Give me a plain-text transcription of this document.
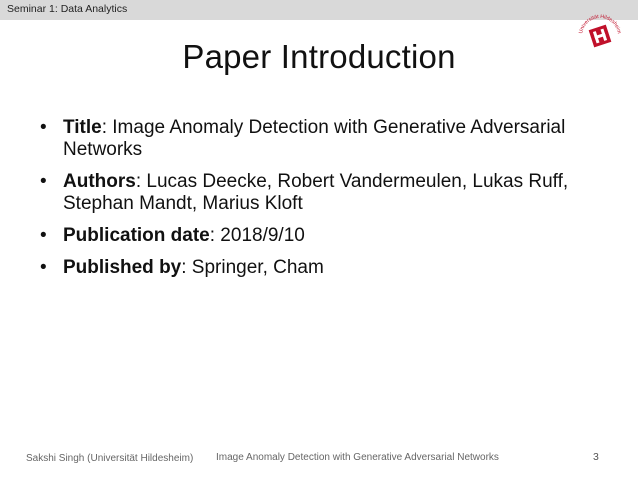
Seminar 1: Data Analytics
Universität Hildesheim
Paper Introduction
• Title: Image Anomaly Detection with Generative Adversarial Networks
• Authors: Lucas Deecke, Robert Vandermeulen, Lukas Ruff, Stephan Mandt, Marius Kloft
• Publication date: 2018/9/10
• Published by: Springer, Cham
Sakshi Singh (Universität Hildesheim) Image Anomaly Detection with Generative Adversarial Networks	3
